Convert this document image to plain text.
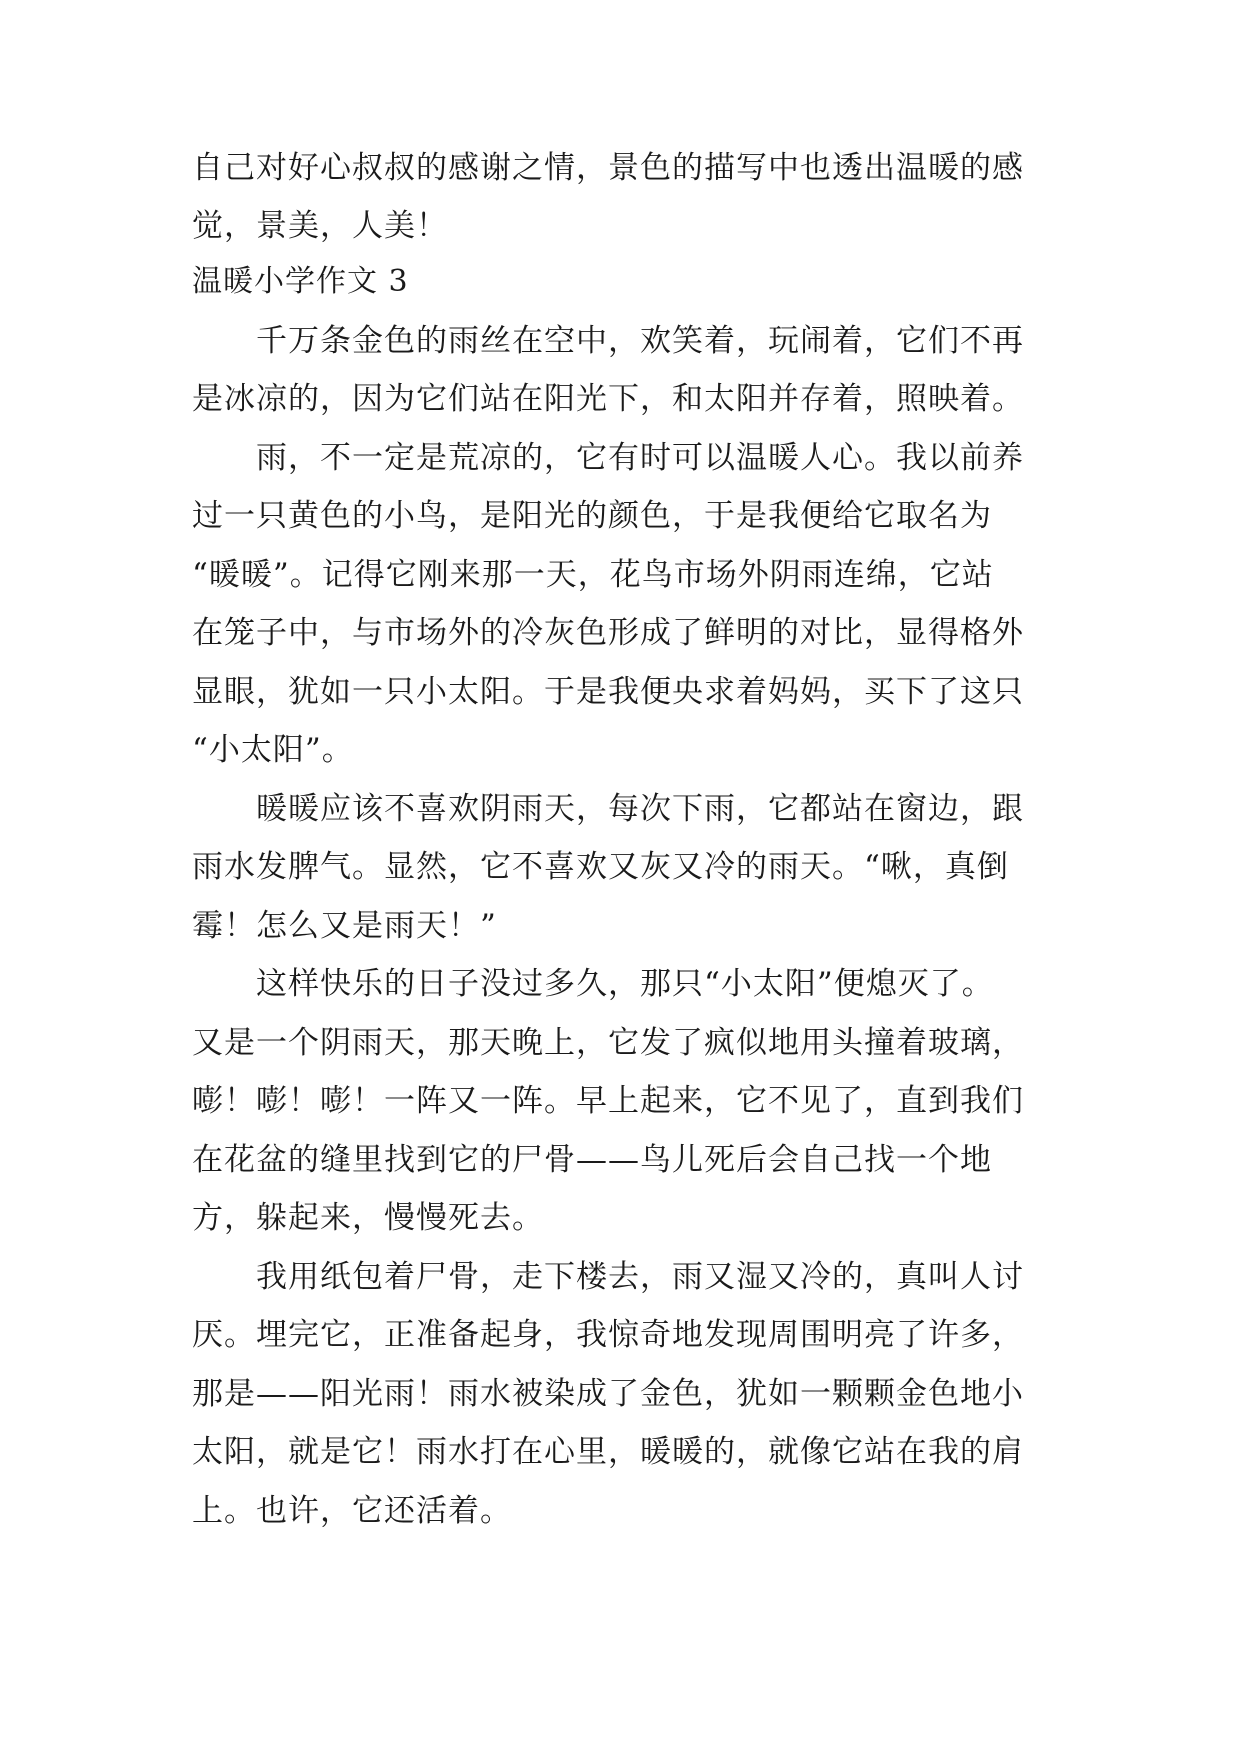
自己对好心叔叔的感谢之情，景色的描写中也透出温暖的感

觉，景美，人美！

温暖小学作文 3

　　千万条金色的雨丝在空中，欢笑着，玩闹着，它们不再

是冰凉的，因为它们站在阳光下，和太阳并存着，照映着。

　　雨，不一定是荒凉的，它有时可以温暖人心。我以前养

过一只黄色的小鸟，是阳光的颜色，于是我便给它取名为

“暖暖”。记得它刚来那一天，花鸟市场外阴雨连绵，它站

在笼子中，与市场外的冷灰色形成了鲜明的对比，显得格外

显眼，犹如一只小太阳。于是我便央求着妈妈，买下了这只

“小太阳”。

　　暖暖应该不喜欢阴雨天，每次下雨，它都站在窗边，跟

雨水发脾气。显然，它不喜欢又灰又冷的雨天。“啾，真倒

霉！怎么又是雨天！”

　　这样快乐的日子没过多久，那只“小太阳”便熄灭了。

又是一个阴雨天，那天晚上，它发了疯似地用头撞着玻璃，

嘭！嘭！嘭！一阵又一阵。早上起来，它不见了，直到我们

在花盆的缝里找到它的尸骨——鸟儿死后会自己找一个地

方，躲起来，慢慢死去。

　　我用纸包着尸骨，走下楼去，雨又湿又冷的，真叫人讨

厌。埋完它，正准备起身，我惊奇地发现周围明亮了许多，

那是——阳光雨！雨水被染成了金色，犹如一颗颗金色地小

太阳，就是它！雨水打在心里，暖暖的，就像它站在我的肩

上。也许，它还活着。
